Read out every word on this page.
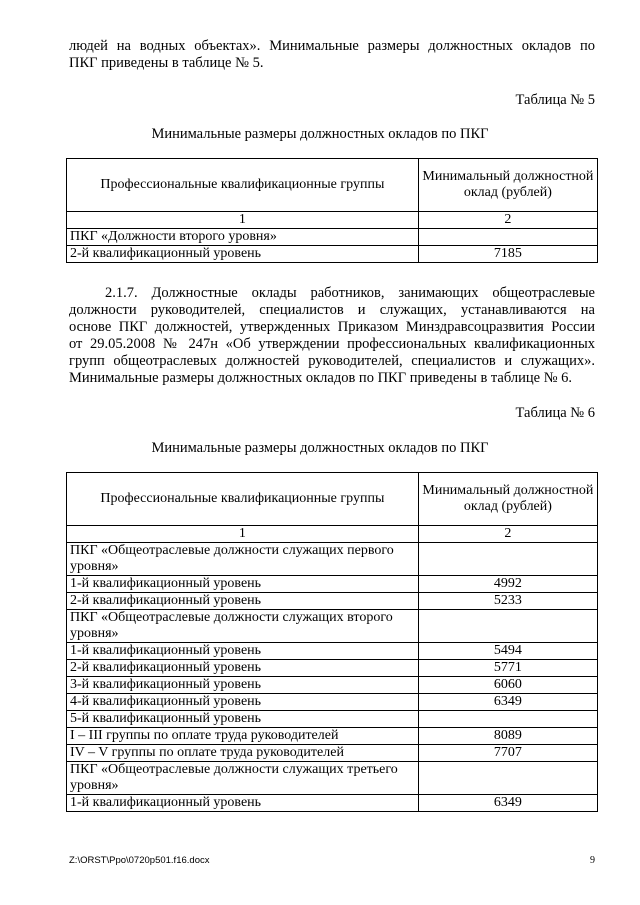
людей на водных объектах». Минимальные размеры должностных окладов по
ПКГ приведены в таблице № 5.

Таблица № 5

Минимальные размеры должностных окладов по ПКГ

Профессиональные квалификационные группы	Минимальный должностной оклад (рублей)
1	2
ПКГ «Должности второго уровня»	
2-й квалификационный уровень	7185

2.1.7. Должностные оклады работников, занимающих общеотраслевые
должности руководителей, специалистов и служащих, устанавливаются на
основе ПКГ должностей, утвержденных Приказом Минздравсоцразвития России
от 29.05.2008 № 247н «Об утверждении профессиональных квалификационных
групп общеотраслевых должностей руководителей, специалистов и служащих».
Минимальные размеры должностных окладов по ПКГ приведены в таблице № 6.

Таблица № 6

Минимальные размеры должностных окладов по ПКГ

Профессиональные квалификационные группы	Минимальный должностной оклад (рублей)
1	2
ПКГ «Общеотраслевые должности служащих первого уровня»	
1-й квалификационный уровень	4992
2-й квалификационный уровень	5233
ПКГ «Общеотраслевые должности служащих второго уровня»	
1-й квалификационный уровень	5494
2-й квалификационный уровень	5771
3-й квалификационный уровень	6060
4-й квалификационный уровень	6349
5-й квалификационный уровень	
I – III группы по оплате труда руководителей	8089
IV – V группы по оплате труда руководителей	7707
ПКГ «Общеотраслевые должности служащих третьего уровня»	
1-й квалификационный уровень	6349
Z:\ORST\Ppo\0720p501.f16.docx	9
